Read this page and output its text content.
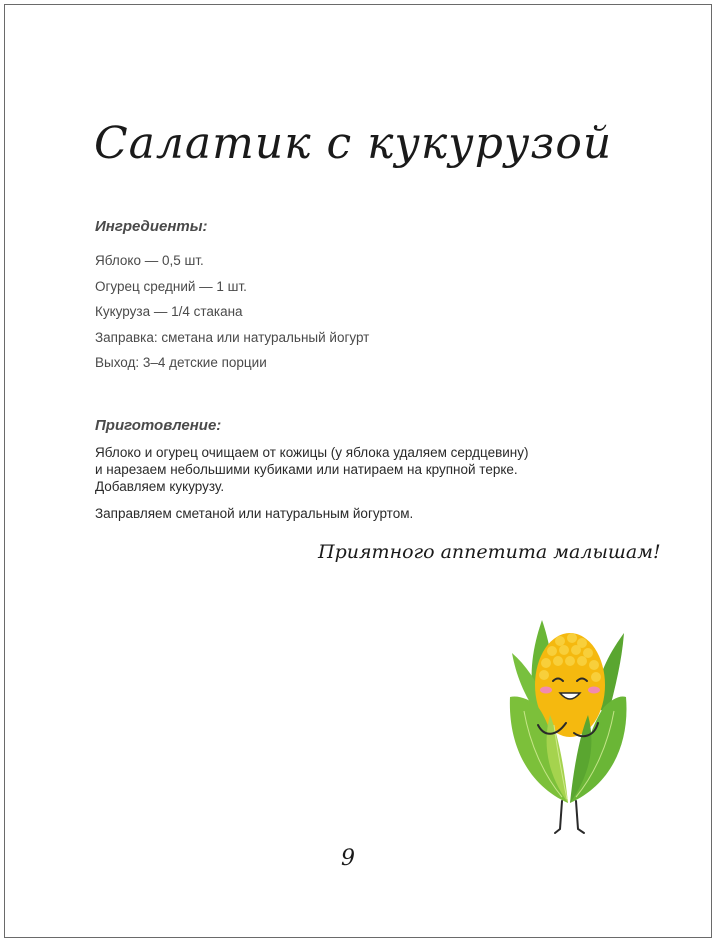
Салатик с кукурузой
Ингредиенты:
Яблоко — 0,5 шт.
Огурец средний — 1 шт.
Кукуруза — 1/4 стакана
Заправка: сметана или натуральный йогурт
Выход: 3–4 детские порции
Приготовление:

Яблоко и огурец очищаем от кожицы (у яблока удаляем сердцевину)
и нарезаем небольшими кубиками или натираем на крупной терке.
Добавляем кукурузу.

Заправляем сметаной или натуральным йогуртом.

Приятного аппетита малышам!
9
